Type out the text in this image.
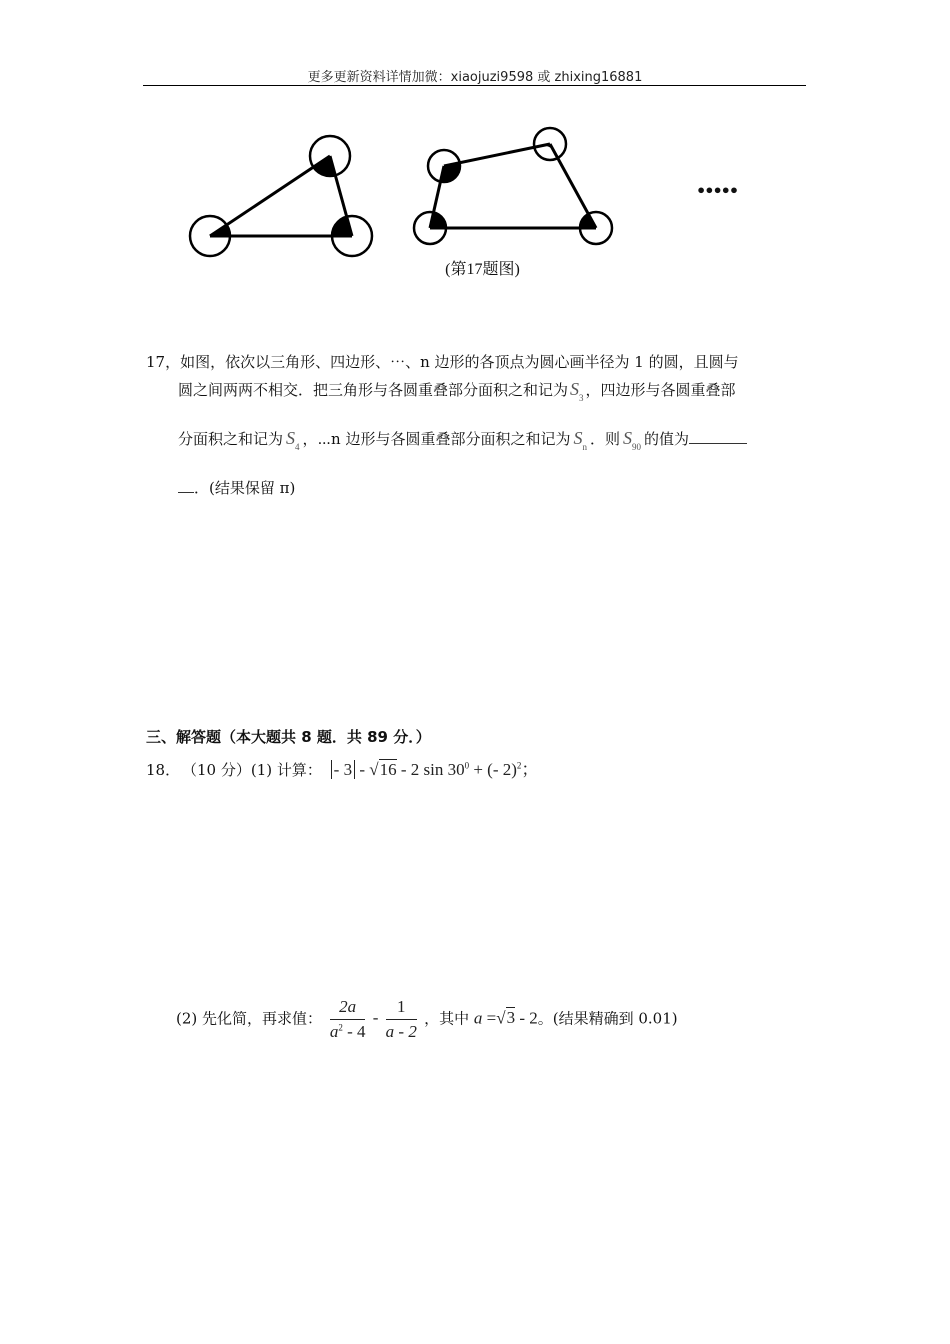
更多更新资料详情加微：xiaojuzi9598 或 zhixing16881
•••••
(第17题图)
17，如图，依次以三角形、四边形、⋯、n 边形的各顶点为圆心画半径为 1 的圆，且圆与
圆之间两两不相交．把三角形与各圆重叠部分面积之和记为 $S_3$ ，四边形与各圆重叠部
分面积之和记为 $S_4$ ，⋯n 边形与各圆重叠部分面积之和记为 $S_n$ ．则 $S_{90}$ 的值为
．(结果保留 π)
三、解答题（本大题共 8 题．共 89 分．）
18． （10 分）(1) 计算： - 3 - √16 - 2 $\sin 30^0$ + (- 2)$^2$；
(2) 先化简，再求值： $\frac{2a}{a^2 - 4} - \frac{1}{a - 2}$ ，其中 a =√3 - 2。(结果精确到 0.01)
